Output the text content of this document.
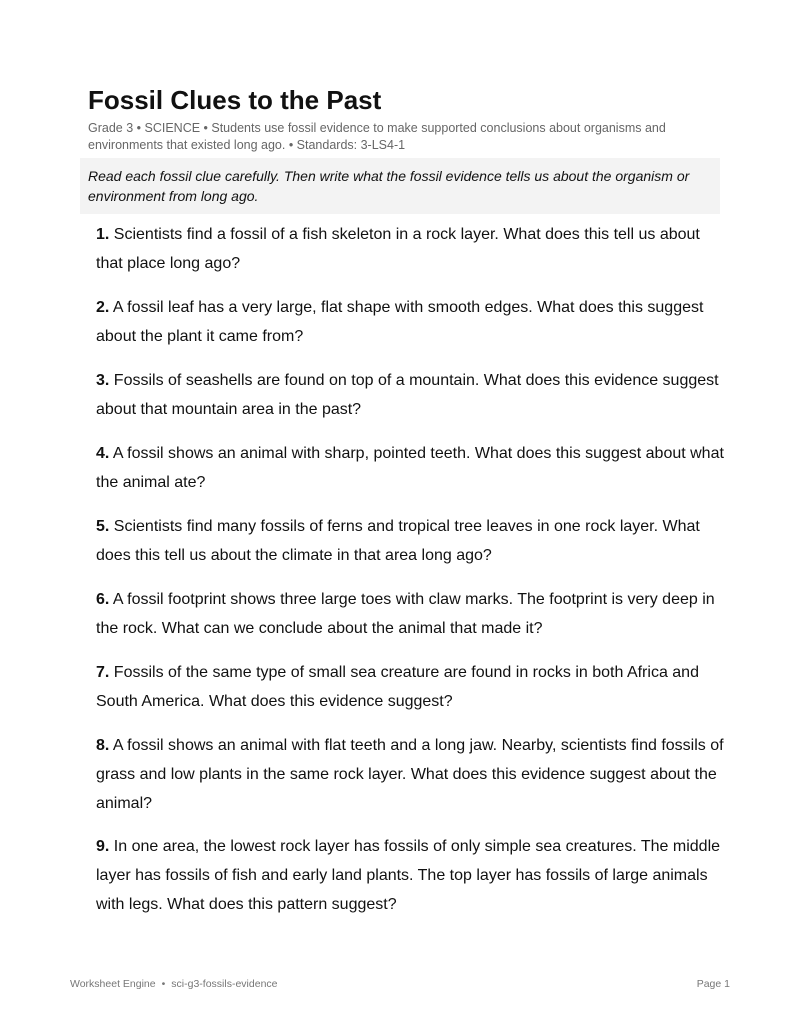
Fossil Clues to the Past

Grade 3 • SCIENCE • Students use fossil evidence to make supported conclusions about organisms and environments that existed long ago. • Standards: 3-LS4-1

Read each fossil clue carefully. Then write what the fossil evidence tells us about the organism or environment from long ago.
1. Scientists find a fossil of a fish skeleton in a rock layer. What does this tell us about that place long ago?
2. A fossil leaf has a very large, flat shape with smooth edges. What does this suggest about the plant it came from?
3. Fossils of seashells are found on top of a mountain. What does this evidence suggest about that mountain area in the past?
4. A fossil shows an animal with sharp, pointed teeth. What does this suggest about what the animal ate?
5. Scientists find many fossils of ferns and tropical tree leaves in one rock layer. What does this tell us about the climate in that area long ago?
6. A fossil footprint shows three large toes with claw marks. The footprint is very deep in the rock. What can we conclude about the animal that made it?
7. Fossils of the same type of small sea creature are found in rocks in both Africa and South America. What does this evidence suggest?
8. A fossil shows an animal with flat teeth and a long jaw. Nearby, scientists find fossils of grass and low plants in the same rock layer. What does this evidence suggest about the animal?
9. In one area, the lowest rock layer has fossils of only simple sea creatures. The middle layer has fossils of fish and early land plants. The top layer has fossils of large animals with legs. What does this pattern suggest?
Worksheet Engine • sci-g3-fossils-evidence	Page 1
